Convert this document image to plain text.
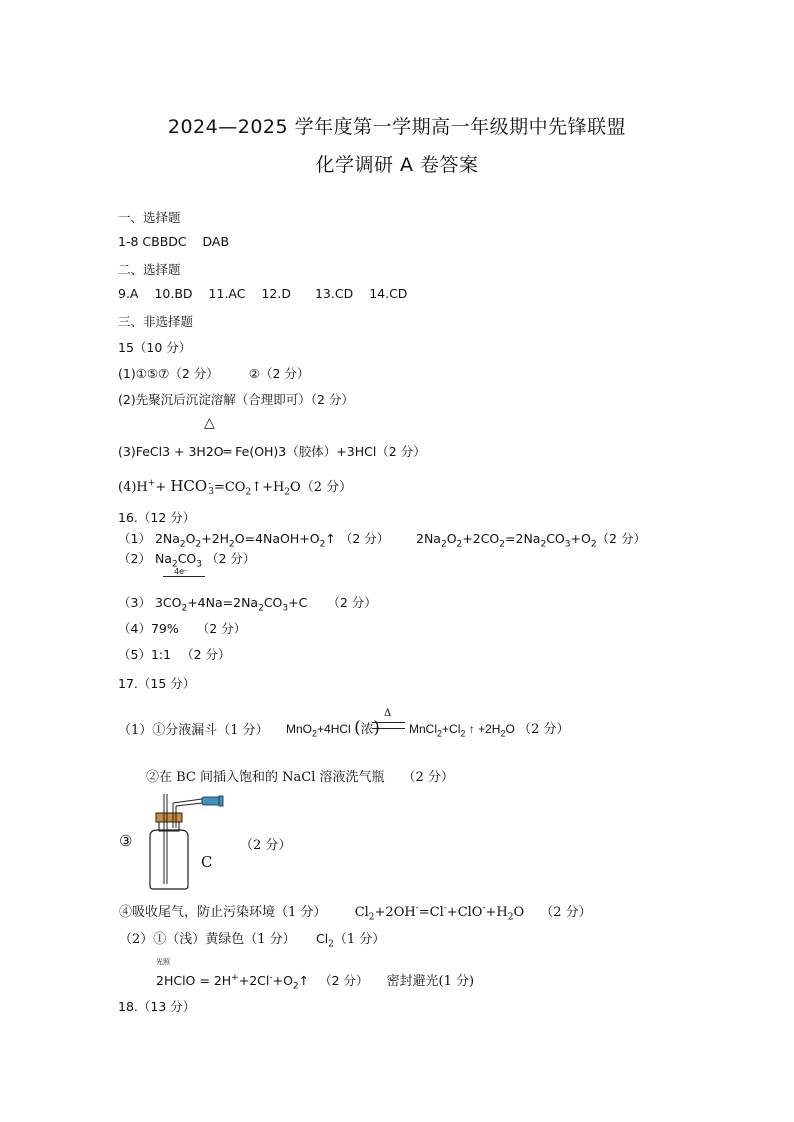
2024—2025 学年度第一学期高一年级期中先锋联盟
化学调研 A 卷答案
一、选择题
1-8 CBBDC    DAB
二、选择题
9.A 10.BD 11.AC 12.D 13.CD 14.CD
三、非选择题
15（10 分）
(1)①⑤⑦（2 分） ②（2 分）
(2)先聚沉后沉淀溶解（合理即可）（2 分）
△
(3)FeCl3 + 3H2O═ Fe(OH)3（胶体）+3HCl（2 分）
(4)H++ HCO -
$3 =CO_2↑+H_2O(2$ 分）
16.（12 分）
（1） $2Na_2O_2+2H_2O=4NaOH+O_2↑$ （2 分） $2Na_2O_2+2CO_2=2Na_2CO_3+O_2(2$ 分）
（2） $Na_2CO_3$ （2 分）
4e⁻
（3） $3CO_2+4Na=2Na_2CO_3+C$ （2 分）
（4）79% （2 分）
（5）1:1 （2 分）
17.（15 分）
（1）①分液漏斗（1 分）
Δ
MnO$_2$+4HCl (浓) $MnCl_2+Cl_2$ ↑ $+2H_2O$ （2 分）
②在 BC 间插入饱和的 NaCl 溶液洗气瓶 （2 分）
③
C
（2 分）
④吸收尾气，防止污染环境（1 分） $Cl_2+2OH^-=Cl^-+ClO^-+H_2O$ （2 分）
（2）①（浅）黄绿色（1 分） $Cl_2(1$ 分）
光照
2HClO = $2H^++2Cl^-+O_2↑$ （2 分） 密封避光(1 分)
18.（13 分）
